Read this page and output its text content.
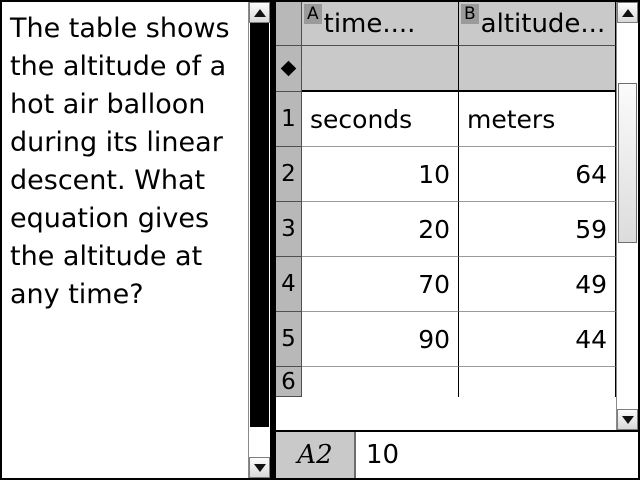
The table shows the altitude of a hot air balloon during its linear descent. What equation gives the altitude at any time?
A time....	B altitude...
1 seconds	meters
2	10	64
3	20	59
4	70	49
5	90	44
6
A2	10
